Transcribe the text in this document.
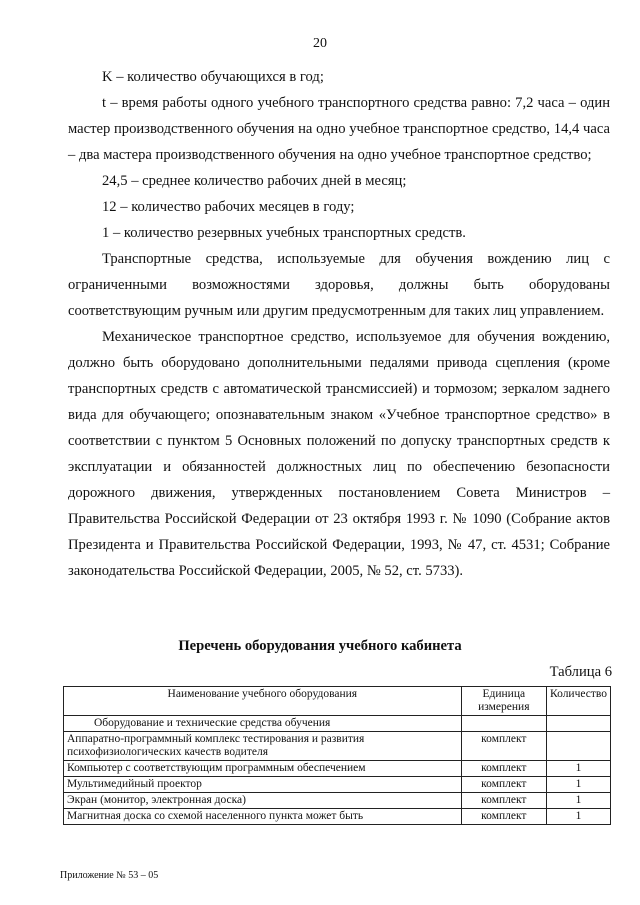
20

K – количество обучающихся в год;

t – время работы одного учебного транспортного средства равно: 7,2 часа – один мастер производственного обучения на одно учебное транспортное средство, 14,4 часа – два мастера производственного обучения на одно учебное транспортное средство;

24,5 – среднее количество рабочих дней в месяц;

12 – количество рабочих месяцев в году;

1 – количество резервных учебных транспортных средств.

Транспортные средства, используемые для обучения вождению лиц с ограниченными возможностями здоровья, должны быть оборудованы соответствующим ручным или другим предусмотренным для таких лиц управлением.

Механическое транспортное средство, используемое для обучения вождению, должно быть оборудовано дополнительными педалями привода сцепления (кроме транспортных средств с автоматической трансмиссией) и тормозом; зеркалом заднего вида для обучающего; опознавательным знаком «Учебное транспортное средство» в соответствии с пунктом 5 Основных положений по допуску транспортных средств к эксплуатации и обязанностей должностных лиц по обеспечению безопасности дорожного движения, утвержденных постановлением Совета Министров – Правительства Российской Федерации от 23 октября 1993 г. № 1090 (Собрание актов Президента и Правительства Российской Федерации, 1993, № 47, ст. 4531; Собрание законодательства Российской Федерации, 2005, № 52, ст. 5733).

Перечень оборудования учебного кабинета
Таблица 6
Наименование учебного оборудования	Единица измерения	Количество
Оборудование и технические средства обучения		
Аппаратно-программный комплекс тестирования и развития психофизиологических качеств водителя	комплект	
Компьютер с соответствующим программным обеспечением	комплект	1
Мультимедийный проектор	комплект	1
Экран (монитор, электронная доска)	комплект	1
Магнитная доска со схемой населенного пункта может быть	комплект	1
Приложение № 53 – 05
